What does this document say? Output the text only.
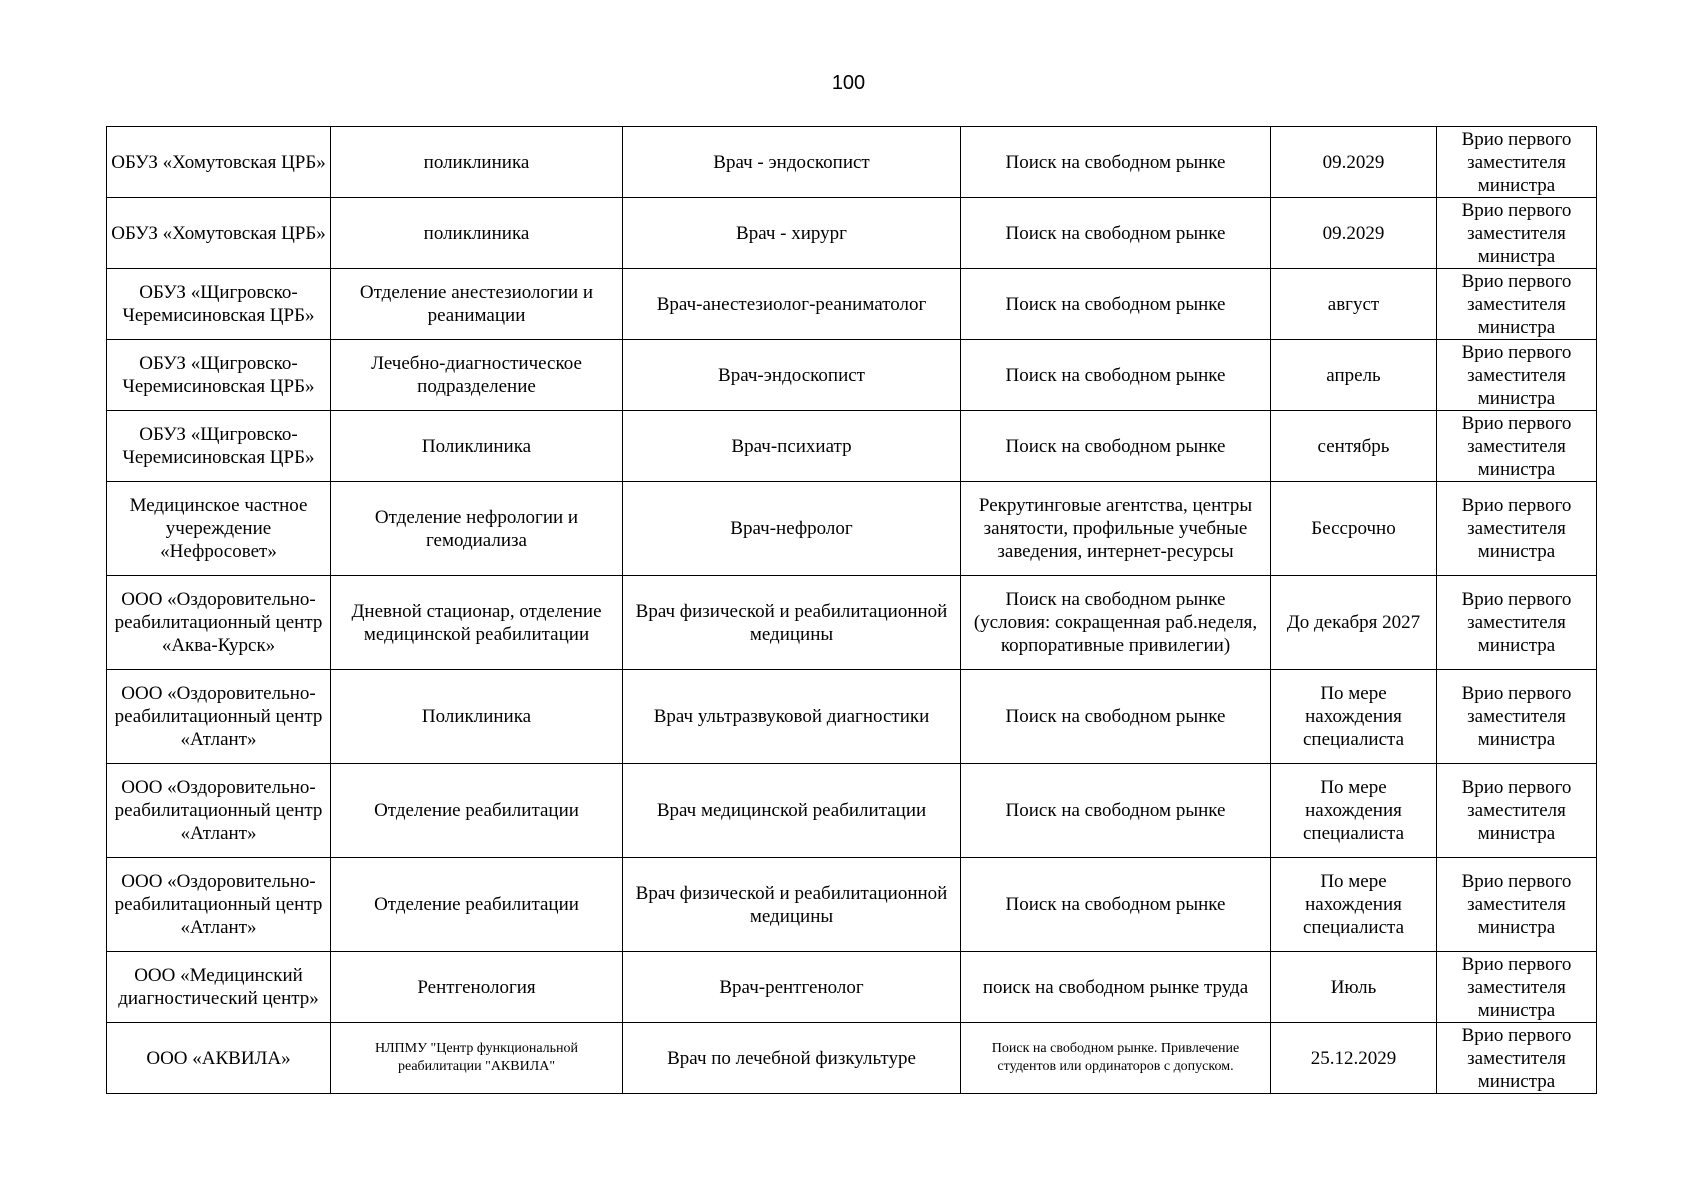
100
ОБУЗ «Хомутовская ЦРБ»	поликлиника	Врач - эндоскопист	Поиск на свободном рынке	09.2029	Врио первого заместителя министра
ОБУЗ «Хомутовская ЦРБ»	поликлиника	Врач - хирург	Поиск на свободном рынке	09.2029	Врио первого заместителя министра
ОБУЗ «Щигровско-Черемисиновская ЦРБ»	Отделение анестезиологии и реанимации	Врач-анестезиолог-реаниматолог	Поиск на свободном рынке	август	Врио первого заместителя министра
ОБУЗ «Щигровско-Черемисиновская ЦРБ»	Лечебно-диагностическое подразделение	Врач-эндоскопист	Поиск на свободном рынке	апрель	Врио первого заместителя министра
ОБУЗ «Щигровско-Черемисиновская ЦРБ»	Поликлиника	Врач-психиатр	Поиск на свободном рынке	сентябрь	Врио первого заместителя министра
Медицинское частное учереждение «Нефросовет»	Отделение нефрологии и гемодиализа	Врач-нефролог	Рекрутинговые агентства, центры занятости, профильные учебные заведения, интернет-ресурсы	Бессрочно	Врио первого заместителя министра
ООО «Оздоровительно-реабилитационный центр «Аква-Курск»	Дневной стационар, отделение медицинской реабилитации	Врач физической и реабилитационной медицины	Поиск на свободном рынке (условия: сокращенная раб.неделя, корпоративные привилегии)	До декабря 2027	Врио первого заместителя министра
ООО «Оздоровительно-реабилитационный центр «Атлант»	Поликлиника	Врач ультразвуковой диагностики	Поиск на свободном рынке	По мере нахождения специалиста	Врио первого заместителя министра
ООО «Оздоровительно-реабилитационный центр «Атлант»	Отделение реабилитации	Врач медицинской реабилитации	Поиск на свободном рынке	По мере нахождения специалиста	Врио первого заместителя министра
ООО «Оздоровительно-реабилитационный центр «Атлант»	Отделение реабилитации	Врач физической и реабилитационной медицины	Поиск на свободном рынке	По мере нахождения специалиста	Врио первого заместителя министра
ООО «Медицинский диагностический центр»	Рентгенология	Врач-рентгенолог	поиск на свободном рынке труда	Июль	Врио первого заместителя министра
ООО «АКВИЛА»	НЛПМУ "Центр функциональной реабилитации "АКВИЛА"	Врач по лечебной физкультуре	Поиск на свободном рынке. Привлечение студентов или ординаторов с допуском.	25.12.2029	Врио первого заместителя министра
